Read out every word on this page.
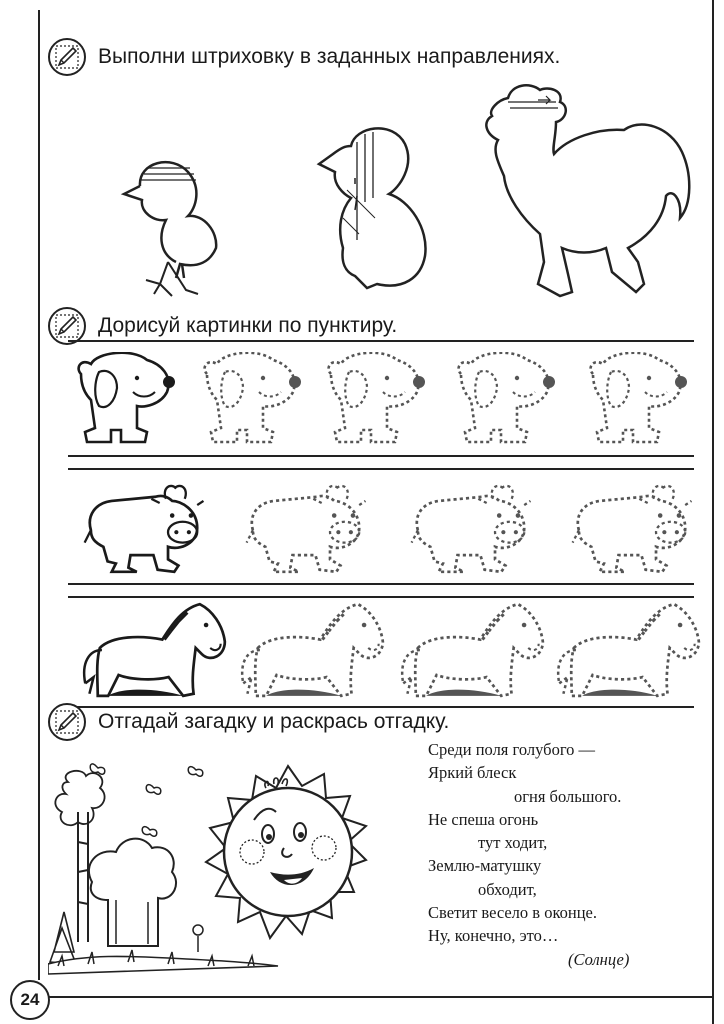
Выполни штриховку в заданных направлениях.
Дорисуй картинки по пунктиру.
Отгадай загадку и раскрась отгадку.
Среди поля голубого —
Яркий блеск
огня большого.
Не спеша огонь
тут ходит,
Землю-матушку
обходит,
Светит весело в оконце.
Ну, конечно, это…
(Солнце)
24
